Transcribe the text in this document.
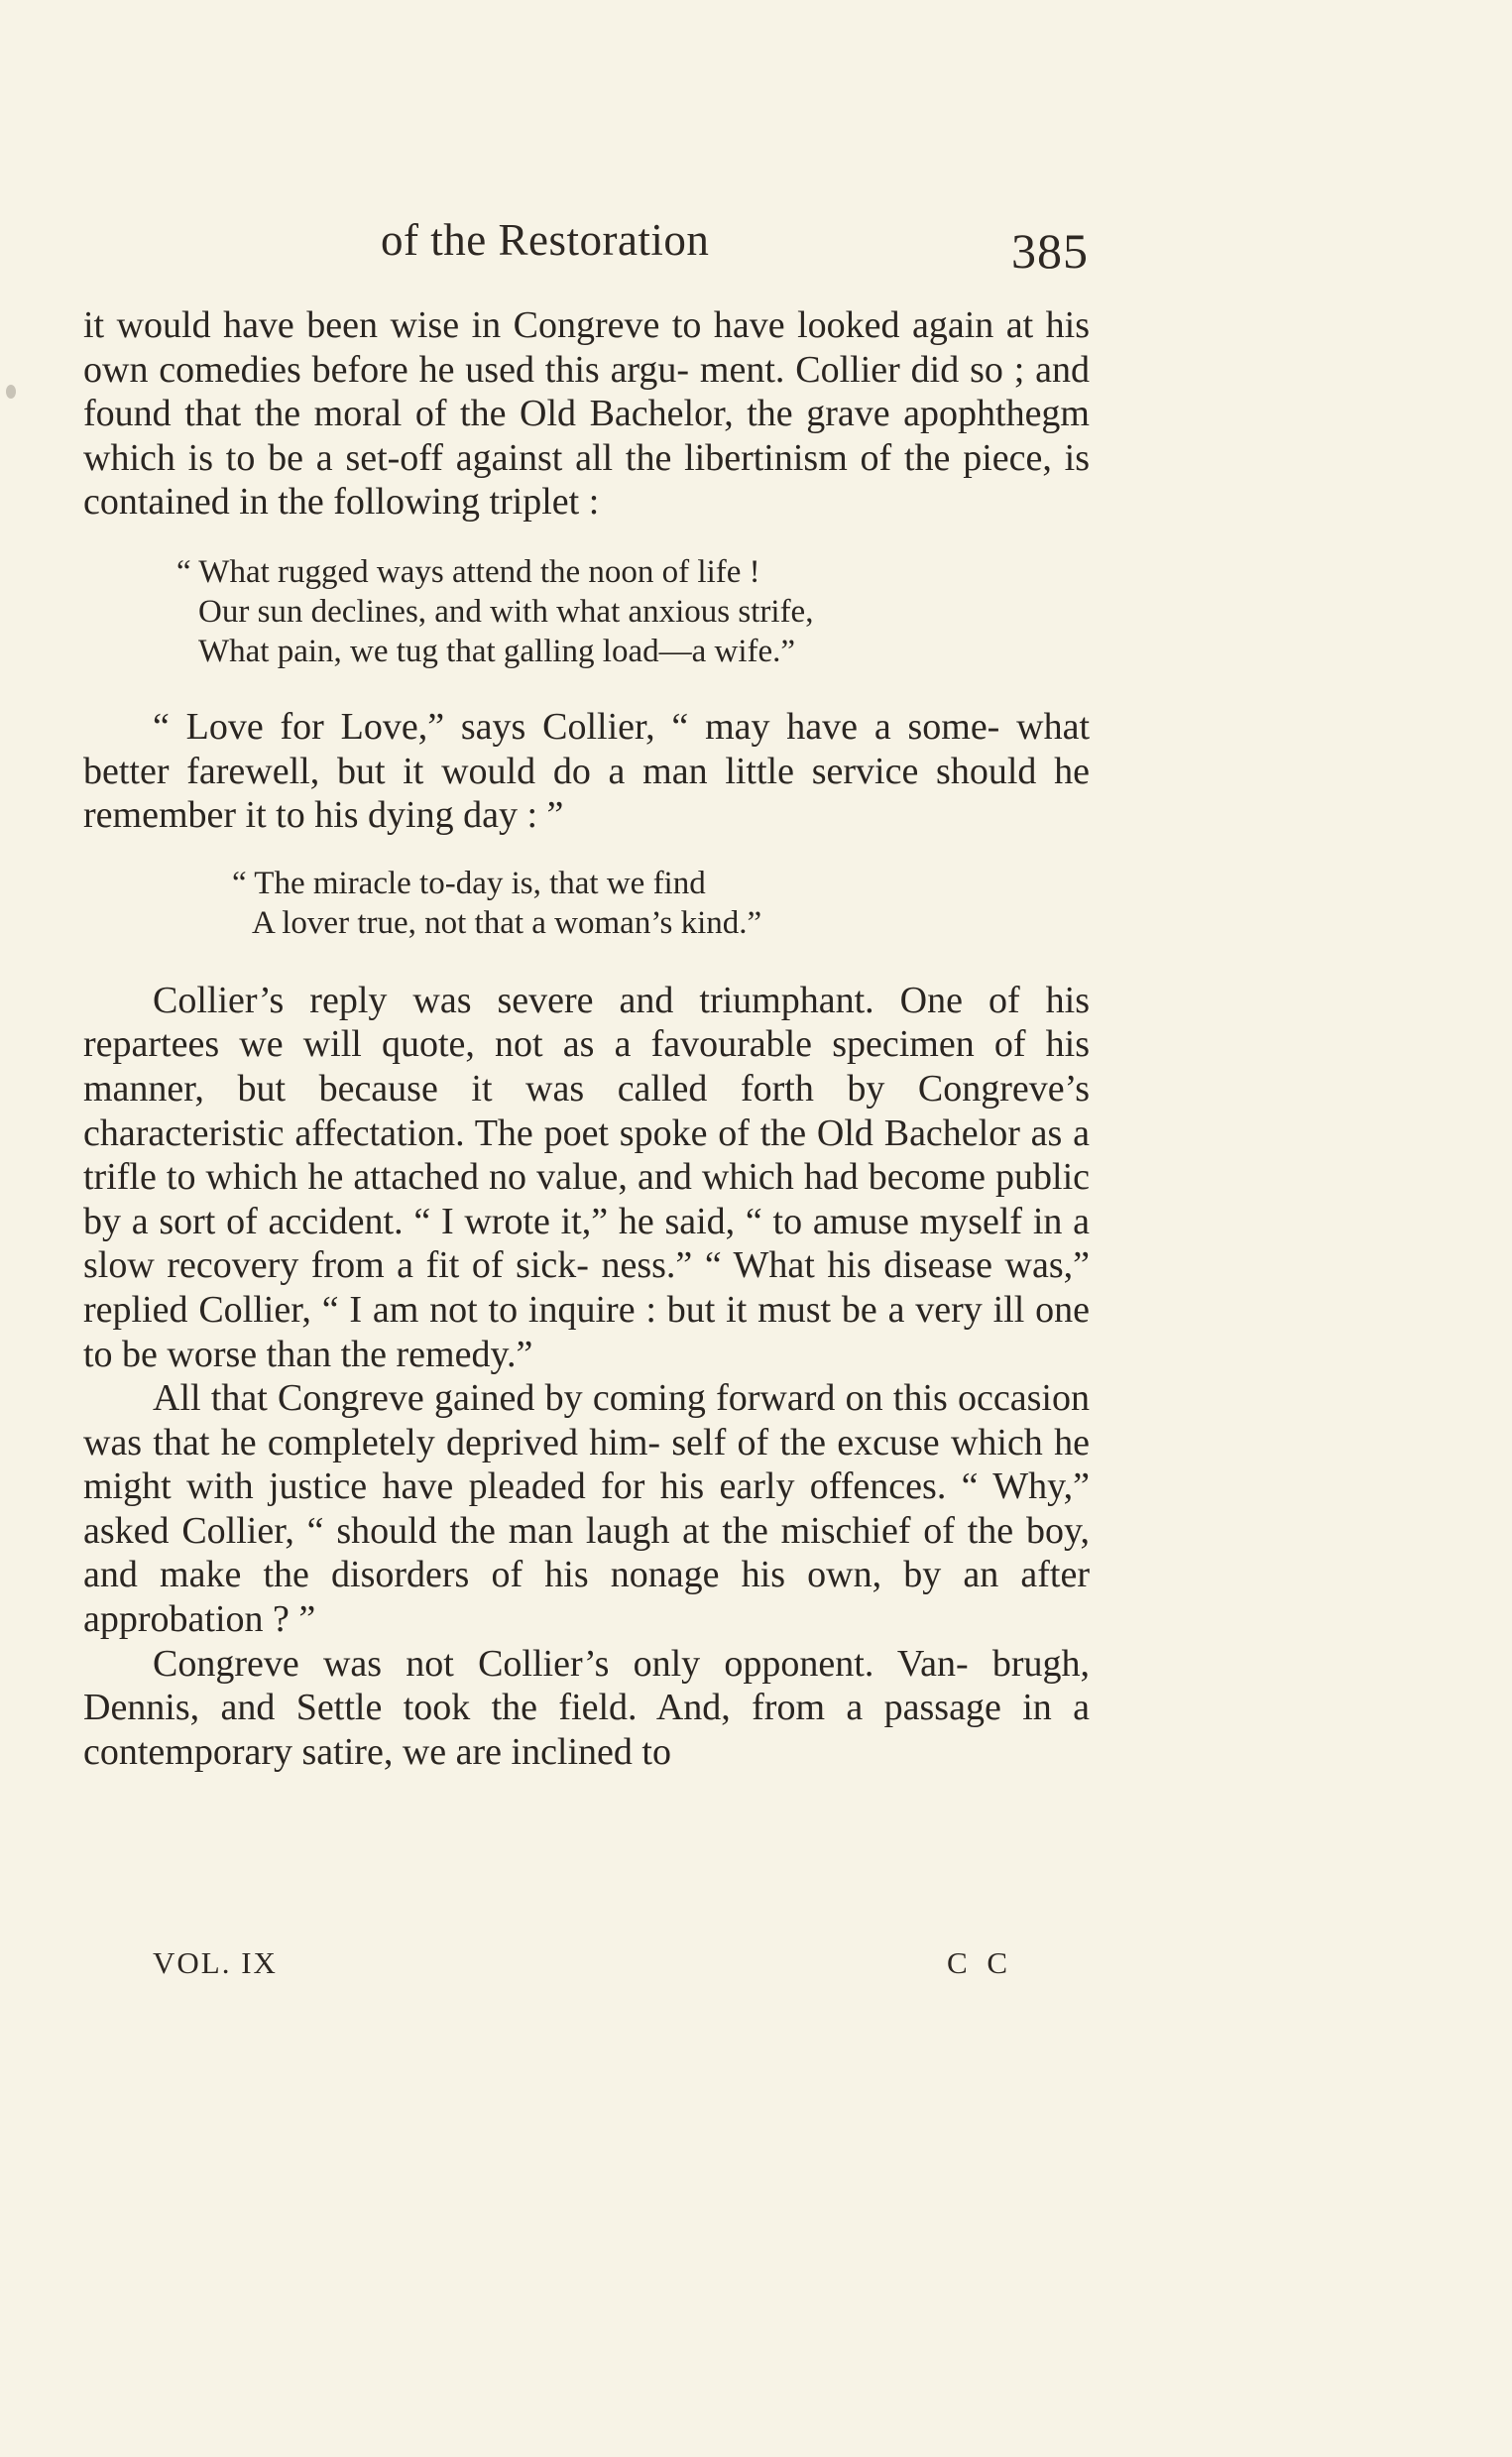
of the Restoration	385

it would have been wise in Congreve to have looked again at his own comedies before he used this argu- ment. Collier did so ; and found that the moral of the Old Bachelor, the grave apophthegm which is to be a set-off against all the libertinism of the piece, is contained in the following triplet :

“ What rugged ways attend the noon of life !
Our sun declines, and with what anxious strife,
What pain, we tug that galling load—a wife.”

“ Love for Love,” says Collier, “ may have a some- what better farewell, but it would do a man little service should he remember it to his dying day : ”

“ The miracle to-day is, that we find
A lover true, not that a woman’s kind.”

Collier’s reply was severe and triumphant. One of his repartees we will quote, not as a favourable specimen of his manner, but because it was called forth by Congreve’s characteristic affectation. The poet spoke of the Old Bachelor as a trifle to which he attached no value, and which had become public by a sort of accident. “ I wrote it,” he said, “ to amuse myself in a slow recovery from a fit of sick- ness.” “ What his disease was,” replied Collier, “ I am not to inquire : but it must be a very ill one to be worse than the remedy.”

All that Congreve gained by coming forward on this occasion was that he completely deprived him- self of the excuse which he might with justice have pleaded for his early offences. “ Why,” asked Collier, “ should the man laugh at the mischief of the boy, and make the disorders of his nonage his own, by an after approbation ? ”

Congreve was not Collier’s only opponent. Van- brugh, Dennis, and Settle took the field. And, from a passage in a contemporary satire, we are inclined to

VOL. IX	C C
